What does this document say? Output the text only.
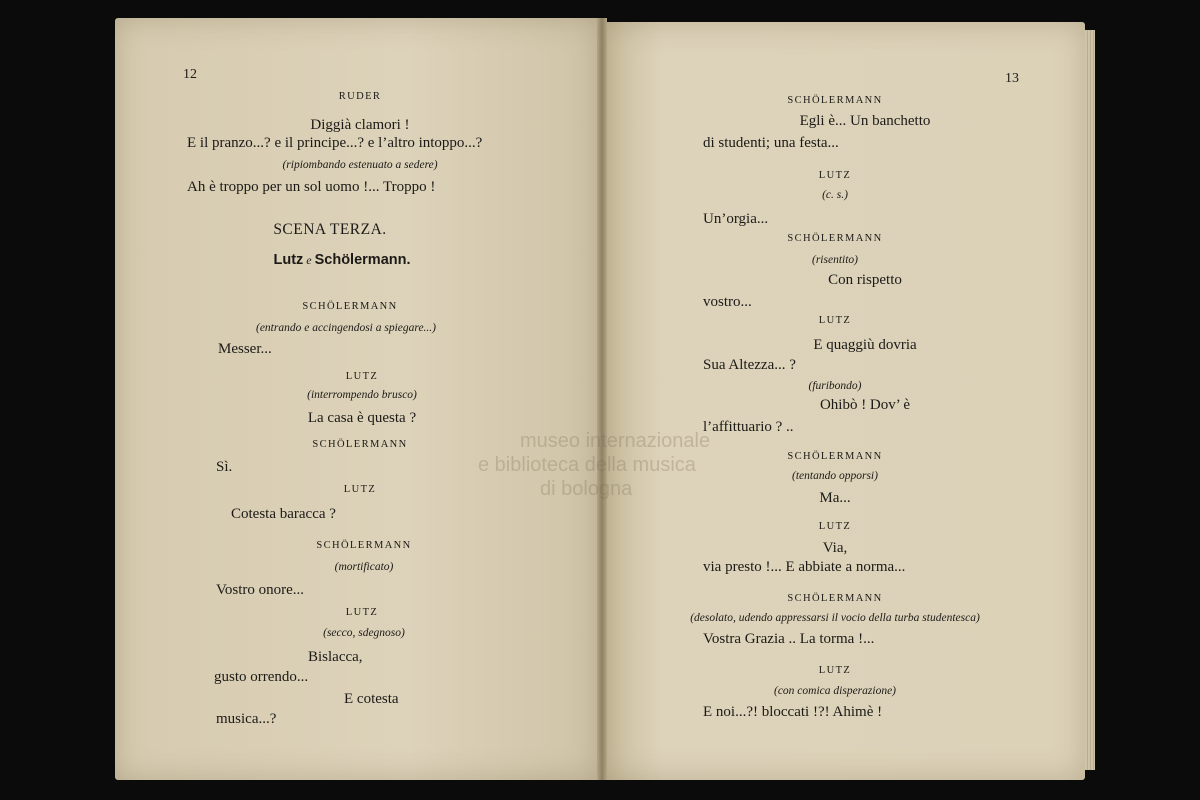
12
RUDER
Diggià clamori !
E il pranzo...? e il principe...? e l’altro intoppo...?
(ripiombando estenuato a sedere)
Ah è troppo per un sol uomo !... Troppo !
SCENA TERZA.
Lutz e Schölermann.
SCHÖLERMANN
(entrando e accingendosi a spiegare...)
Messer...
LUTZ
(interrompendo brusco)
La casa è questa ?
SCHÖLERMANN
Sì.
LUTZ
Cotesta baracca ?
SCHÖLERMANN
(mortificato)
Vostro onore...
LUTZ
(secco, sdegnoso)
Bislacca,
gusto orrendo...
E cotesta
musica...?
13
SCHÖLERMANN
Egli è... Un banchetto
di studenti; una festa...
LUTZ
(c. s.)
Un’orgia...
SCHÖLERMANN
(risentito)
Con rispetto
vostro...
LUTZ
E quaggiù dovria
Sua Altezza... ?
(furibondo)
Ohibò ! Dov’ è
l’affittuario ? ..
SCHÖLERMANN
(tentando opporsi)
Ma...
LUTZ
Via,
via presto !... E abbiate a norma...
SCHÖLERMANN
(desolato, udendo appressarsi il vocio della turba studentesca)
Vostra Grazia .. La torma !...
LUTZ
(con comica disperazione)
E noi...?! bloccati !?! Ahimè !
museo internazionale
e biblioteca della musica
di bologna
